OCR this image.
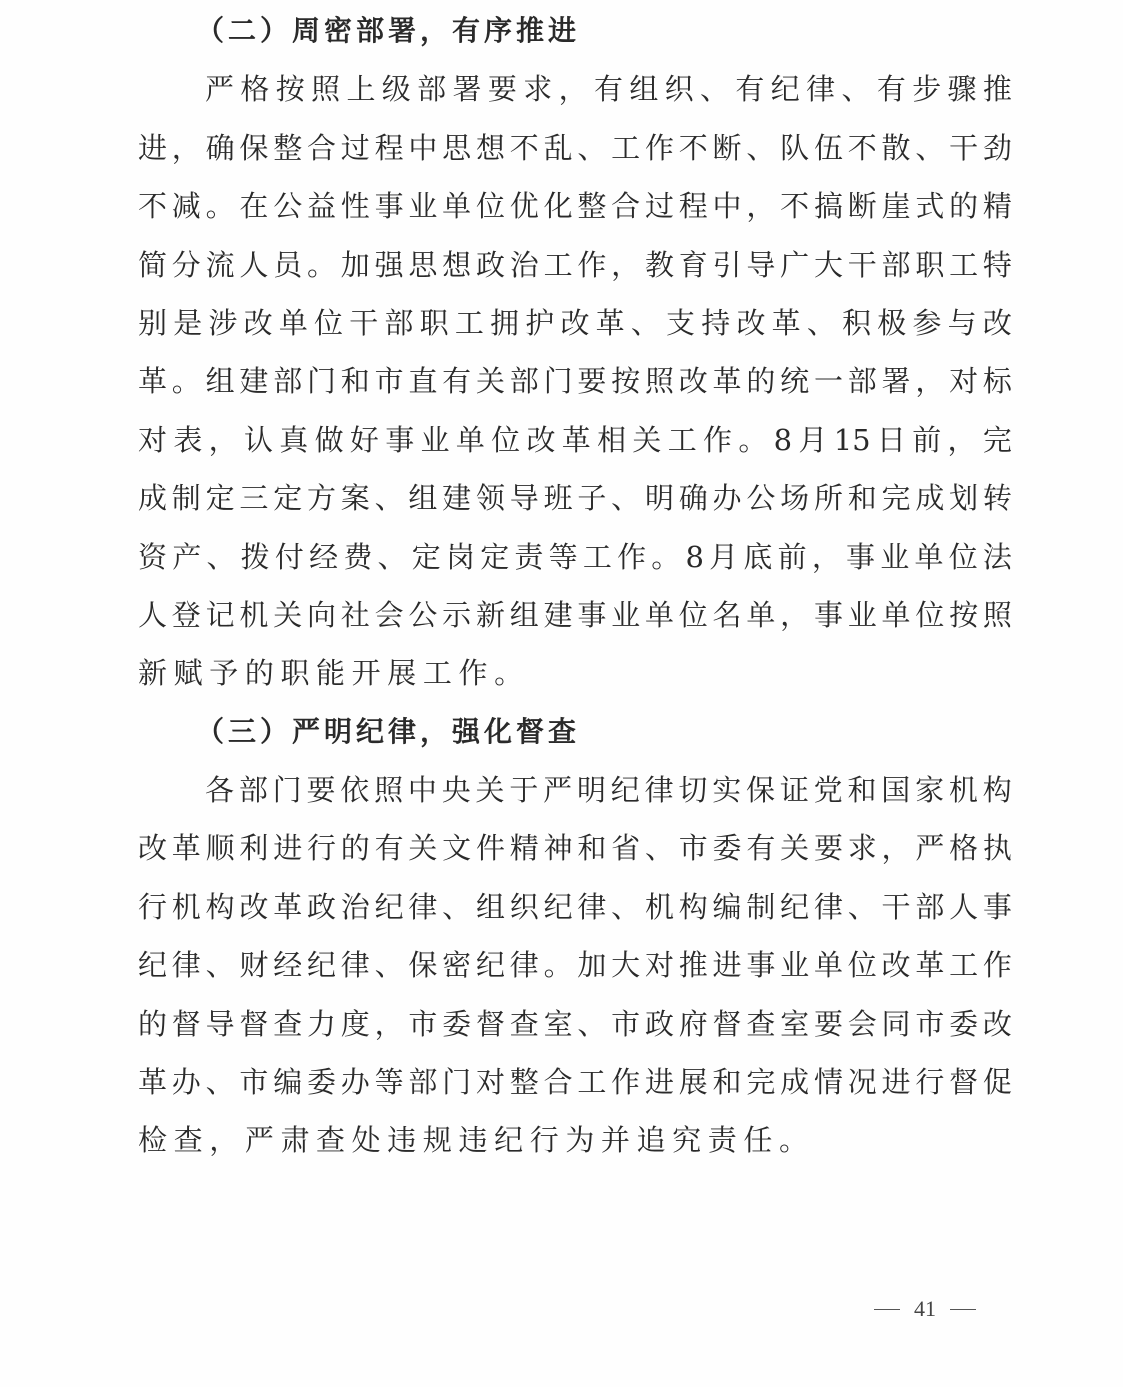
（二）周密部署，有序推进
严 格 按 照 上 级 部 署 要 求 ， 有 组 织 、 有 纪 律 、 有 步 骤 推
进 ， 确 保 整 合 过 程 中 思 想 不 乱 、 工 作 不 断 、 队 伍 不 散 、 干 劲
不 减 。 在 公 益 性 事 业 单 位 优 化 整 合 过 程 中 ， 不 搞 断 崖 式 的 精
简 分 流 人 员 。 加 强 思 想 政 治 工 作 ， 教 育 引 导 广 大 干 部 职 工 特
别 是 涉 改 单 位 干 部 职 工 拥 护 改 革 、 支 持 改 革 、 积 极 参 与 改
革 。 组 建 部 门 和 市 直 有 关 部 门 要 按 照 改 革 的 统 一 部 署 ， 对 标
对 表 ， 认 真 做 好 事 业 单 位 改 革 相 关 工 作 。 8 月 15 日 前 ， 完
成 制 定 三 定 方 案 、 组 建 领 导 班 子 、 明 确 办 公 场 所 和 完 成 划 转
资 产 、 拨 付 经 费 、 定 岗 定 责 等 工 作 。 8 月 底 前 ， 事 业 单 位 法
人 登 记 机 关 向 社 会 公 示 新 组 建 事 业 单 位 名 单 ， 事 业 单 位 按 照
新 赋 予 的 职 能 开 展 工 作 。
（三）严明纪律，强化督查
各 部 门 要 依 照 中 央 关 于 严 明 纪 律 切 实 保 证 党 和 国 家 机 构
改 革 顺 利 进 行 的 有 关 文 件 精 神 和 省 、 市 委 有 关 要 求 ， 严 格 执
行 机 构 改 革 政 治 纪 律 、 组 织 纪 律 、 机 构 编 制 纪 律 、 干 部 人 事
纪 律 、 财 经 纪 律 、 保 密 纪 律 。 加 大 对 推 进 事 业 单 位 改 革 工 作
的 督 导 督 查 力 度 ， 市 委 督 查 室 、 市 政 府 督 查 室 要 会 同 市 委 改
革 办 、 市 编 委 办 等 部 门 对 整 合 工 作 进 展 和 完 成 情 况 进 行 督 促
检 查 ， 严 肃 查 处 违 规 违 纪 行 为 并 追 究 责 任 。
41
